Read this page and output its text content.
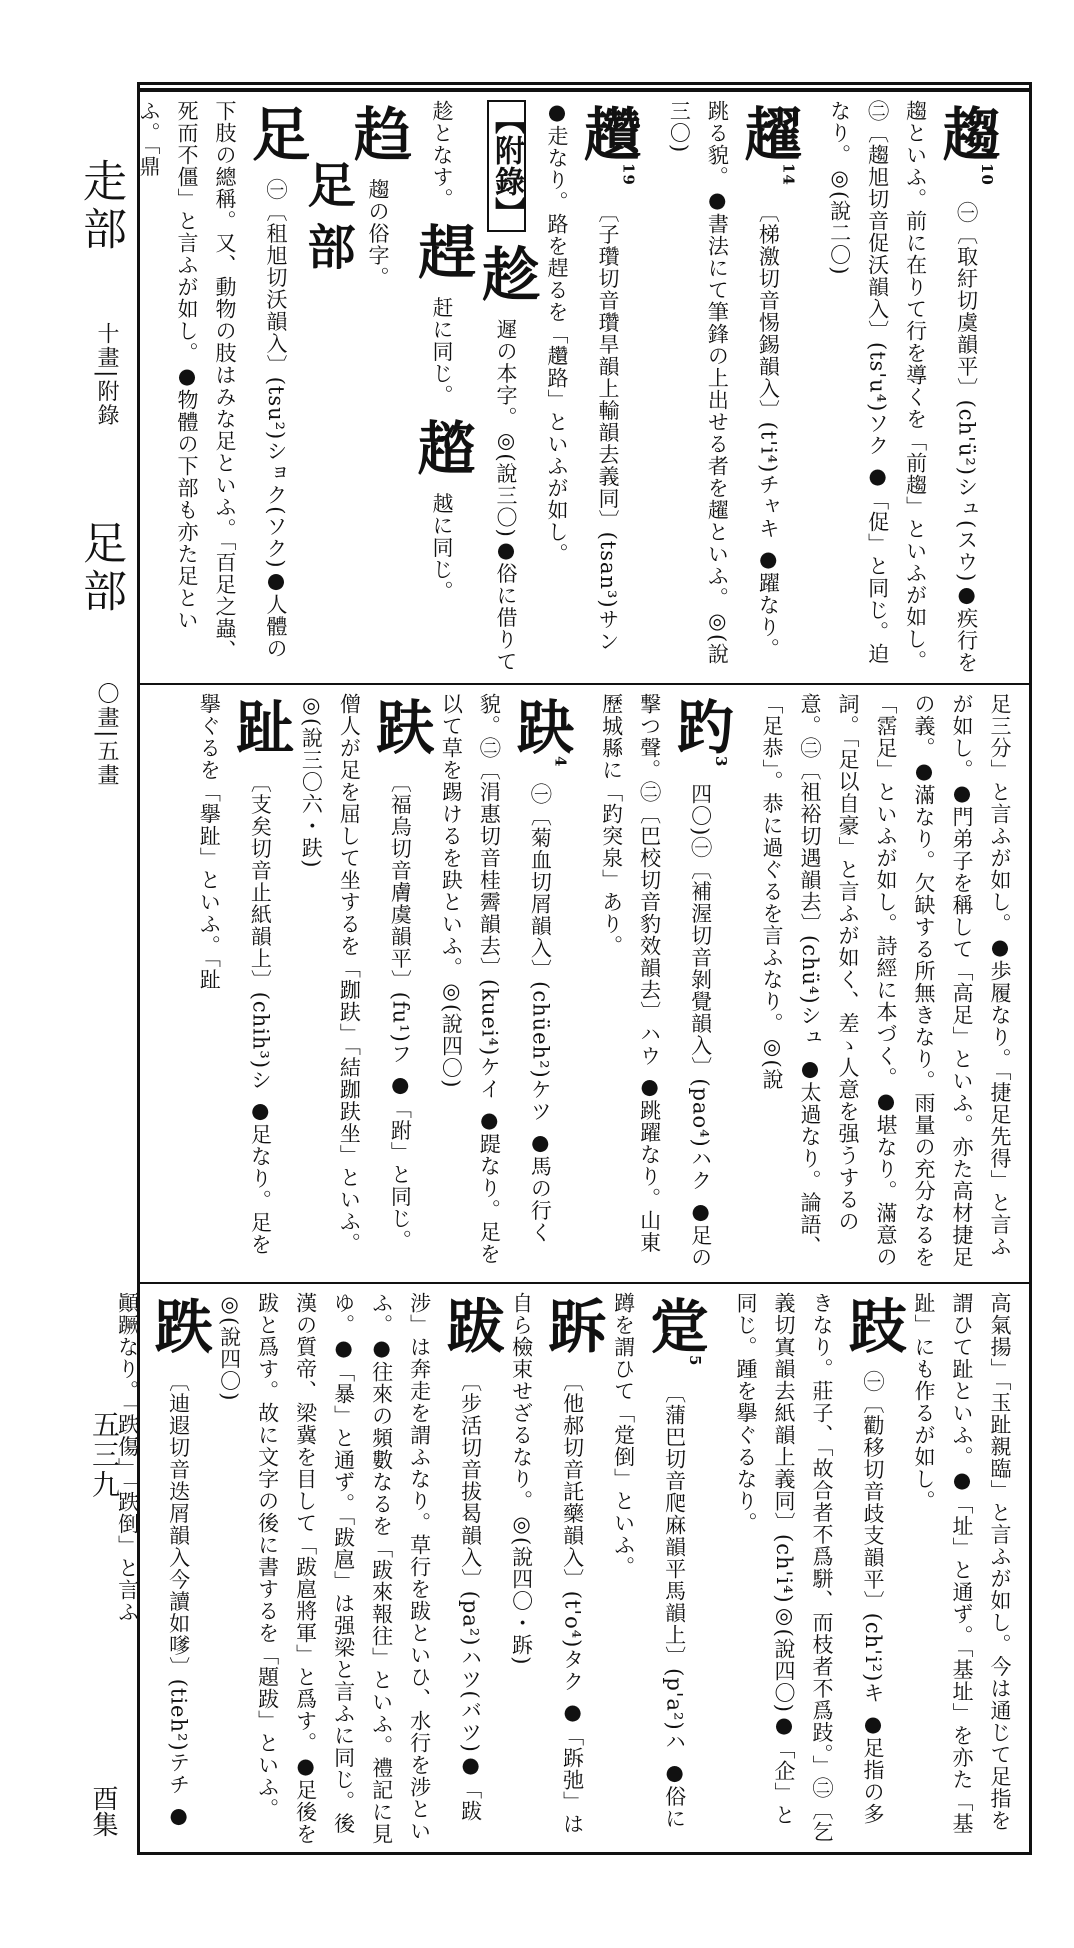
走部
十畫|附錄
足部
〇畫|五畫
五三九
酉集
趨$^{10}$ ㊀〔取紆切虞韻平〕(ch'ü²)シュ(スウ)●疾行を趨といふ。前に在りて行を導くを「前趨」といふが如し。㊁〔趨旭切音促沃韻入〕(ts'u⁴)ソク ●「促」と同じ。迫なり。◎(說二〇)
趯$^{14}$ 〔梯激切音惕錫韻入〕(t'i⁴)チャキ ●躍なり。跳る貌。●書法にて筆鋒の上出せる者を趯といふ。◎(說三〇)
趲$^{19}$ 〔子瓚切音瓚旱韻上輸韻去義同〕(tsan³)サン ●走なり。路を趕るを「趲路」といふが如し。
【附錄】 趁 遲の本字。◎(說三〇)●俗に借りて趁となす。 趕 赶に同じ。 趦 越に同じ。 趋 趨の俗字。
足部
足 ㊀〔租旭切沃韻入〕(tsu²)ショク(ソク)●人體の下肢の總稱。又、動物の肢はみな足といふ。「百足之蟲、死而不僵」と言ふが如し。●物體の下部も亦た足といふ。「鼎
足三分」と言ふが如し。●歩履なり。「捷足先得」と言ふが如し。●門弟子を稱して「高足」といふ。亦た高材捷足の義。●滿なり。欠缺する所無きなり。雨量の充分なるを「霑足」といふが如し。詩經に本づく。●堪なり。滿意の詞。「足以自豪」と言ふが如く、差ゝ人意を强うするの意。㊁〔祖裕切遇韻去〕(chü⁴)シュ ●太過なり。論語、「足恭」。恭に過ぐるを言ふなり。◎(說
趵$^3$ 四〇)㊀〔補渥切音剝覺韻入〕(pao⁴)ハク ●足の撃つ聲。㊁〔巴校切音豹效韻去〕ハウ ●跳躍なり。山東歷城縣に「趵突泉」あり。
趹$^4$ ㊀〔菊血切屑韻入〕(chüeh²)ケツ ●馬の行く貌。㊁〔涓惠切音桂霽韻去〕(kuei⁴)ケイ ●踶なり。足を以て草を踢けるを趹といふ。◎(說四〇)
趺 〔福烏切音膚虞韻平〕(fu¹)フ ●「跗」と同じ。僧人が足を屈して坐するを「跏趺」「結跏趺坐」といふ。◎(說三〇六・趺)
趾 〔支矣切音止紙韻上〕(chih³)シ ●足なり。足を擧ぐるを「擧趾」といふ。「趾
高氣揚」「玉趾親臨」と言ふが如し。今は通じて足指を謂ひて趾といふ。●「址」と通ず。「基址」を亦た「基趾」にも作るが如し。
跂 ㊀〔勸移切音歧支韻平〕(ch'i²)キ ●足指の多きなり。莊子、「故合者不爲駢、而枝者不爲跂。」㊁〔乞義切寘韻去紙韻上義同〕(ch'i⁴)◎(說四〇)●「企」と同じ。踵を擧ぐるなり。
䟫$^5$ 〔蒲巴切音爬麻韻平馬韻上〕(p'a²)ハ ●俗に蹲を謂ひて「䟫倒」といふ。
跅 〔他郝切音託藥韻入〕(t'o⁴)タク ●「跅弛」は自ら檢束せざるなり。◎(說四〇・跅)
跋 〔步活切音拔曷韻入〕(pa²)ハツ(バツ)●「跋涉」は奔走を謂ふなり。草行を跋といひ、水行を涉といふ。●往來の頻數なるを「跋來報往」といふ。禮記に見ゆ。●「暴」と通ず。「跋扈」は强梁と言ふに同じ。後漢の質帝、梁冀を目して「跋扈將軍」と爲す。●足後を跋と爲す。故に文字の後に書するを「題跋」といふ。◎(說四〇)
跌 〔迪遐切音迭屑韻入今讀如嗲〕(tieh²)テチ ●顚蹶なり。「跌傷」「跌倒」と言ふ
